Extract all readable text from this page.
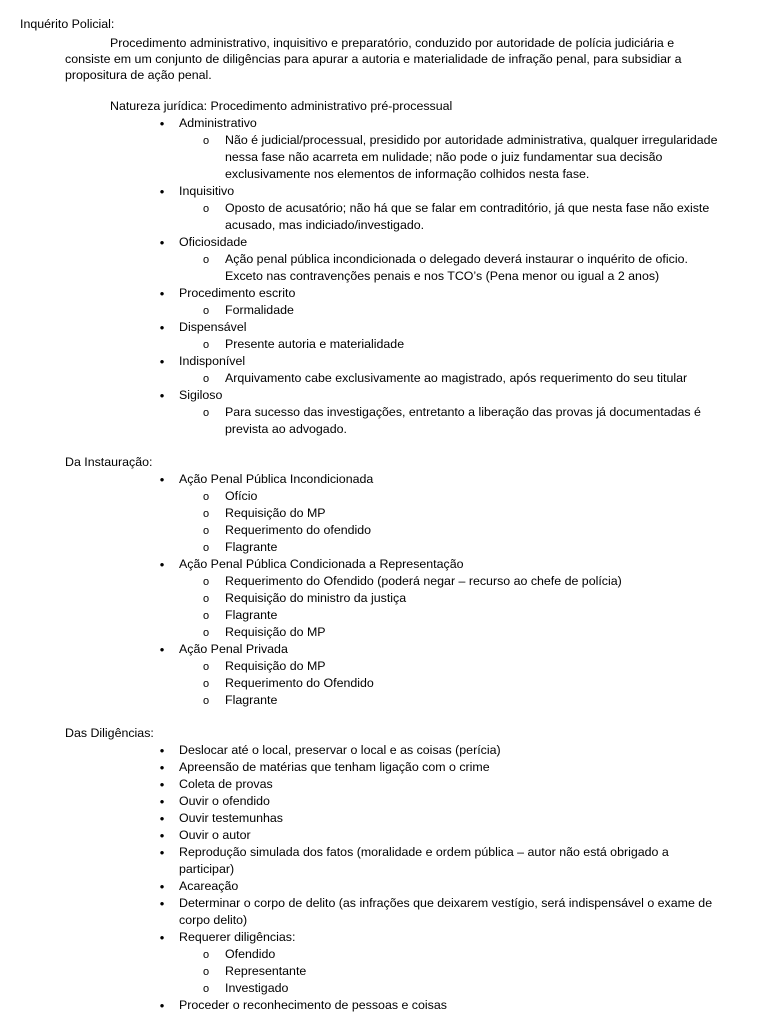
Inquérito Policial:
Procedimento administrativo, inquisitivo e preparatório, conduzido por autoridade de polícia judiciária e
consiste em um conjunto de diligências para apurar a autoria e materialidade de infração penal, para subsidiar a
propositura de ação penal.
Natureza jurídica: Procedimento administrativo pré-processual
•
Administrativo
o
Não é judicial/processual, presidido por autoridade administrativa, qualquer irregularidade
nessa fase não acarreta em nulidade; não pode o juiz fundamentar sua decisão
exclusivamente nos elementos de informação colhidos nesta fase.
•
Inquisitivo
o
Oposto de acusatório; não há que se falar em contraditório, já que nesta fase não existe
acusado, mas indiciado/investigado.
•
Oficiosidade
o
Ação penal pública incondicionada o delegado deverá instaurar o inquérito de oficio.
Exceto nas contravenções penais e nos TCO’s (Pena menor ou igual a 2 anos)
•
Procedimento escrito
o
Formalidade
•
Dispensável
o
Presente autoria e materialidade
•
Indisponível
o
Arquivamento cabe exclusivamente ao magistrado, após requerimento do seu titular
•
Sigiloso
o
Para sucesso das investigações, entretanto a liberação das provas já documentadas é
prevista ao advogado.
Da Instauração:
•
Ação Penal Pública Incondicionada
o
Ofício
o
Requisição do MP
o
Requerimento do ofendido
o
Flagrante
•
Ação Penal Pública Condicionada a Representação
o
Requerimento do Ofendido (poderá negar – recurso ao chefe de polícia)
o
Requisição do ministro da justiça
o
Flagrante
o
Requisição do MP
•
Ação Penal Privada
o
Requisição do MP
o
Requerimento do Ofendido
o
Flagrante
Das Diligências:
•
Deslocar até o local, preservar o local e as coisas (perícia)
•
Apreensão de matérias que tenham ligação com o crime
•
Coleta de provas
•
Ouvir o ofendido
•
Ouvir testemunhas
•
Ouvir o autor
•
Reprodução simulada dos fatos (moralidade e ordem pública – autor não está obrigado a
participar)
•
Acareação
•
Determinar o corpo de delito (as infrações que deixarem vestígio, será indispensável o exame de
corpo delito)
•
Requerer diligências:
o
Ofendido
o
Representante
o
Investigado
•
Proceder o reconhecimento de pessoas e coisas
